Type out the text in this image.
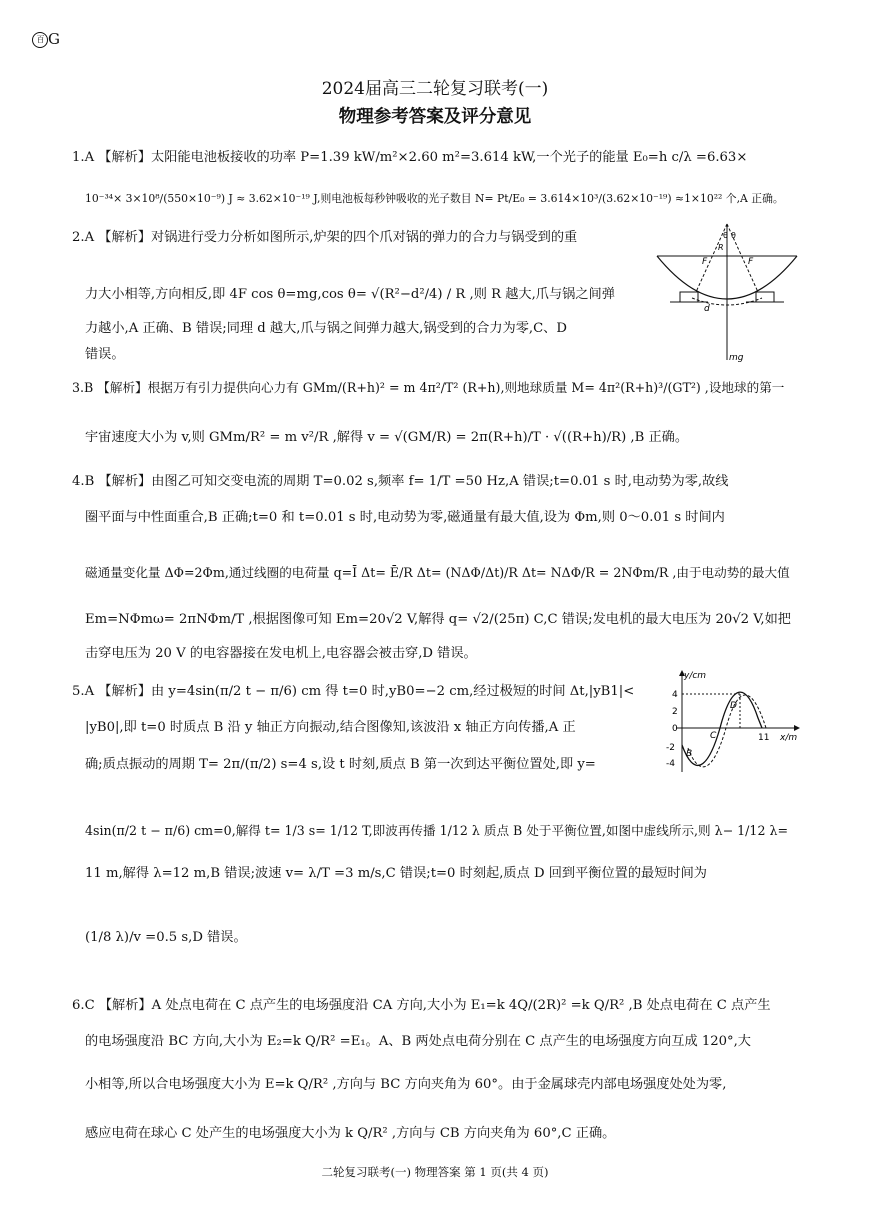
百 G
2024届高三二轮复习联考(一)
物理参考答案及评分意见
1.A 【解析】太阳能电池板接收的功率 P=1.39 kW/m²×2.60 m²=3.614 kW,一个光子的能量 E₀=h c/λ =6.63×
10⁻³⁴× 3×10⁸/(550×10⁻⁹) J ≈ 3.62×10⁻¹⁹ J,则电池板每秒钟吸收的光子数目 N= Pt/E₀ = 3.614×10³/(3.62×10⁻¹⁹) ≈1×10²² 个,A 正确。
2.A 【解析】对锅进行受力分析如图所示,炉架的四个爪对锅的弹力的合力与锅受到的重
力大小相等,方向相反,即 4F cos θ=mg,cos θ= √(R²−d²/4) / R ,则 R 越大,爪与锅之间弹
力越小,A 正确、B 错误;同理 d 越大,爪与锅之间弹力越大,锅受到的合力为零,C、D
错误。
θ θ
F	F
R
d
mg
3.B 【解析】根据万有引力提供向心力有 GMm/(R+h)² = m 4π²/T² (R+h),则地球质量 M= 4π²(R+h)³/(GT²) ,设地球的第一
宇宙速度大小为 v,则 GMm/R² = m v²/R ,解得 v = √(GM/R) = 2π(R+h)/T · √((R+h)/R) ,B 正确。
4.B 【解析】由图乙可知交变电流的周期 T=0.02 s,频率 f= 1/T =50 Hz,A 错误;t=0.01 s 时,电动势为零,故线
圈平面与中性面重合,B 正确;t=0 和 t=0.01 s 时,电动势为零,磁通量有最大值,设为 Φm,则 0～0.01 s 时间内
磁通量变化量 ΔΦ=2Φm,通过线圈的电荷量 q=Ī Δt= Ē/R Δt= (NΔΦ/Δt)/R Δt= NΔΦ/R = 2NΦm/R ,由于电动势的最大值
Em=NΦmω= 2πNΦm/T ,根据图像可知 Em=20√2 V,解得 q= √2/(25π) C,C 错误;发电机的最大电压为 20√2 V,如把
击穿电压为 20 V 的电容器接在发电机上,电容器会被击穿,D 错误。
5.A 【解析】由 y=4sin(π/2 t − π/6) cm 得 t=0 时,yB0=−2 cm,经过极短的时间 Δt,|yB1|<
|yB0|,即 t=0 时质点 B 沿 y 轴正方向振动,结合图像知,该波沿 x 轴正方向传播,A 正
确;质点振动的周期 T= 2π/(π/2) s=4 s,设 t 时刻,质点 B 第一次到达平衡位置处,即 y=
4sin(π/2 t − π/6) cm=0,解得 t= 1/3 s= 1/12 T,即波再传播 1/12 λ 质点 B 处于平衡位置,如图中虚线所示,则 λ− 1/12 λ=
11 m,解得 λ=12 m,B 错误;波速 v= λ/T =3 m/s,C 错误;t=0 时刻起,质点 D 回到平衡位置的最短时间为
(1/8 λ)/v =0.5 s,D 错误。
y/cm
x/m
4
2
0
-2
-4
11
B
C
D
6.C 【解析】A 处点电荷在 C 点产生的电场强度沿 CA 方向,大小为 E₁=k 4Q/(2R)² =k Q/R² ,B 处点电荷在 C 点产生
的电场强度沿 BC 方向,大小为 E₂=k Q/R² =E₁。A、B 两处点电荷分别在 C 点产生的电场强度方向互成 120°,大
小相等,所以合电场强度大小为 E=k Q/R² ,方向与 BC 方向夹角为 60°。由于金属球壳内部电场强度处处为零,
感应电荷在球心 C 处产生的电场强度大小为 k Q/R² ,方向与 CB 方向夹角为 60°,C 正确。
二轮复习联考(一) 物理答案 第 1 页(共 4 页)
